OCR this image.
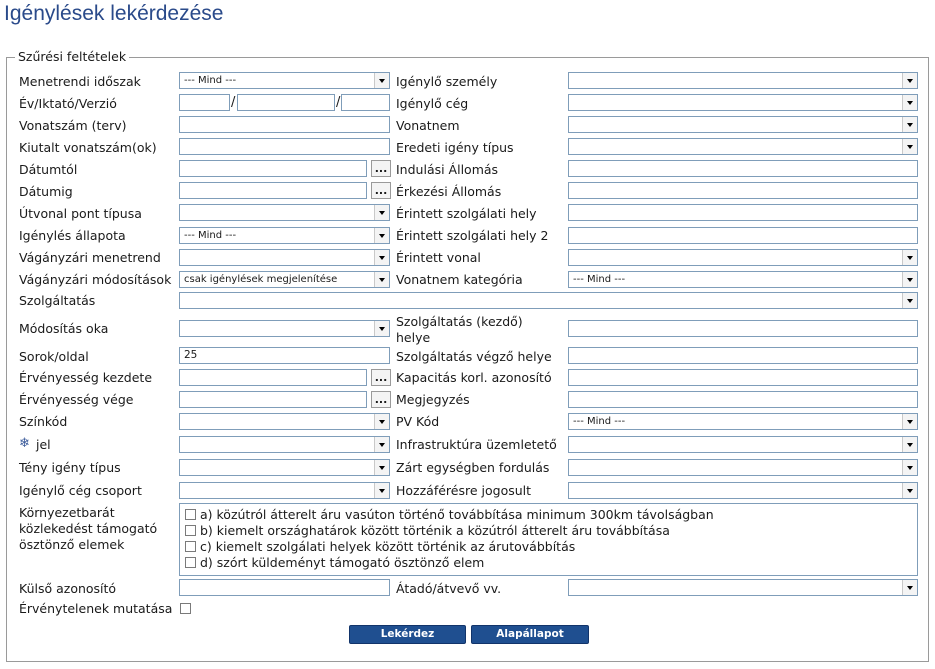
Igénylések lekérdezése
Szűrési feltételek
Menetrendi időszak
Év/Iktató/Verzió
Vonatszám (terv)
Kiutalt vonatszám(ok)
Dátumtól
Dátumig
Útvonal pont típusa
Igénylés állapota
Vágányzári menetrend
Vágányzári módosítások
Szolgáltatás
Módosítás oka
Sorok/oldal
Érvényesség kezdete
Érvényesség vége
Színkód
❄ jel
Tény igény típus
Igénylő cég csoport
Környezetbarát
közlekedést támogató
ösztönző elemek
Külső azonosító
Érvénytelenek mutatása
--- Mind ---
/	/
...
...
--- Mind ---
csak igénylések megjelenítése
25
...
...
a) közútról átterelt áru vasúton történő továbbítása minimum 300km távolságban
b) kiemelt országhatárok között történik a közútról átterelt áru továbbítása
c) kiemelt szolgálati helyek között történik az árutovábbítás
d) szórt küldeményt támogató ösztönző elem
Igénylő személy
Igénylő cég
Vonatnem
Eredeti igény típus
Indulási Állomás
Érkezési Állomás
Érintett szolgálati hely
Érintett szolgálati hely 2
Érintett vonal
Vonatnem kategória
Szolgáltatás (kezdő)
helye
Szolgáltatás végző helye
Kapacitás korl. azonosító
Megjegyzés
PV Kód
Infrastruktúra üzemletető
Zárt egységben fordulás
Hozzáférésre jogosult
Átadó/átvevő vv.
--- Mind ---
--- Mind ---
Lekérdez	Alapállapot
